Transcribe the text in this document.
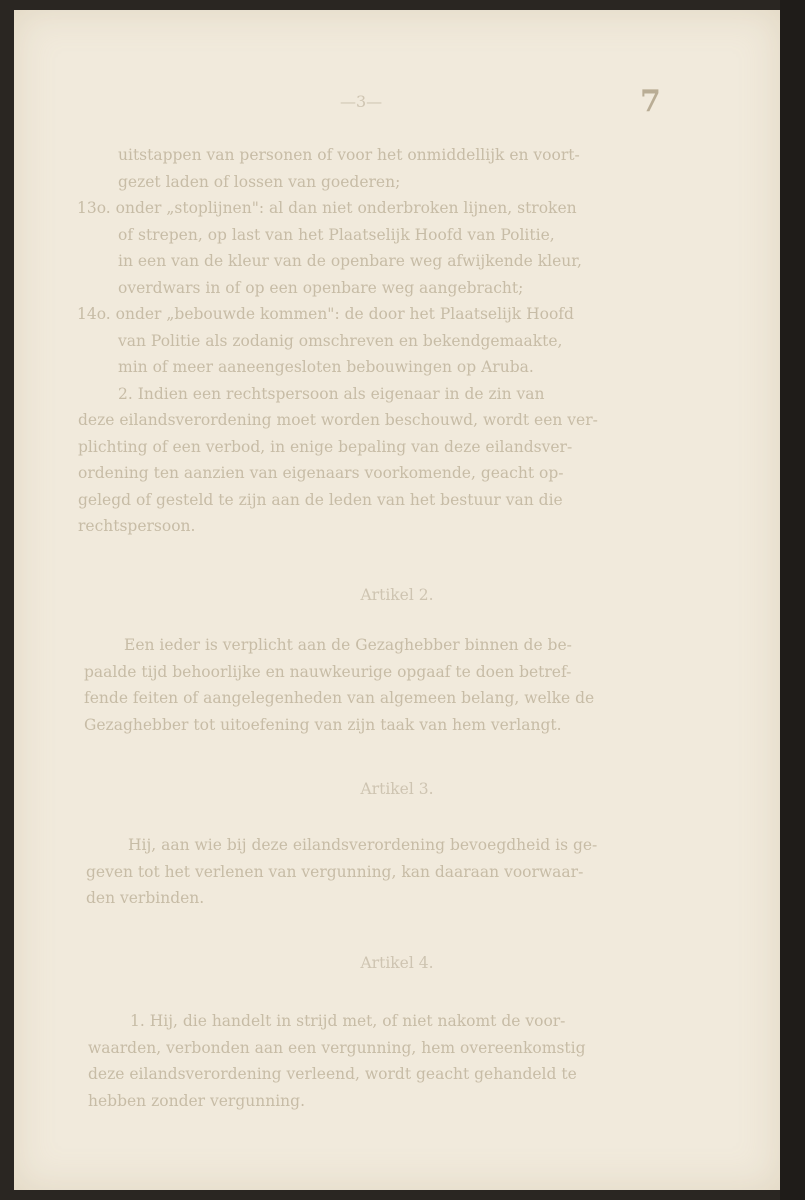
—3—	7
uitstappen van personen of voor het onmiddellijk en voort-
gezet laden of lossen van goederen;
13o. onder „stoplijnen": al dan niet onderbroken lijnen, stroken
of strepen, op last van het Plaatselijk Hoofd van Politie,
in een van de kleur van de openbare weg afwijkende kleur,
overdwars in of op een openbare weg aangebracht;
14o. onder „bebouwde kommen": de door het Plaatselijk Hoofd
van Politie als zodanig omschreven en bekendgemaakte,
min of meer aaneengesloten bebouwingen op Aruba.
2. Indien een rechtspersoon als eigenaar in de zin van
deze eilandsverordening moet worden beschouwd, wordt een ver-
plichting of een verbod, in enige bepaling van deze eilandsver-
ordening ten aanzien van eigenaars voorkomende, geacht op-
gelegd of gesteld te zijn aan de leden van het bestuur van die
rechtspersoon.
Artikel 2.
Een ieder is verplicht aan de Gezaghebber binnen de be-
paalde tijd behoorlijke en nauwkeurige opgaaf te doen betref-
fende feiten of aangelegenheden van algemeen belang, welke de
Gezaghebber tot uitoefening van zijn taak van hem verlangt.
Artikel 3.
Hij, aan wie bij deze eilandsverordening bevoegdheid is ge-
geven tot het verlenen van vergunning, kan daaraan voorwaar-
den verbinden.
Artikel 4.
1. Hij, die handelt in strijd met, of niet nakomt de voor-
waarden, verbonden aan een vergunning, hem overeenkomstig
deze eilandsverordening verleend, wordt geacht gehandeld te
hebben zonder vergunning.
